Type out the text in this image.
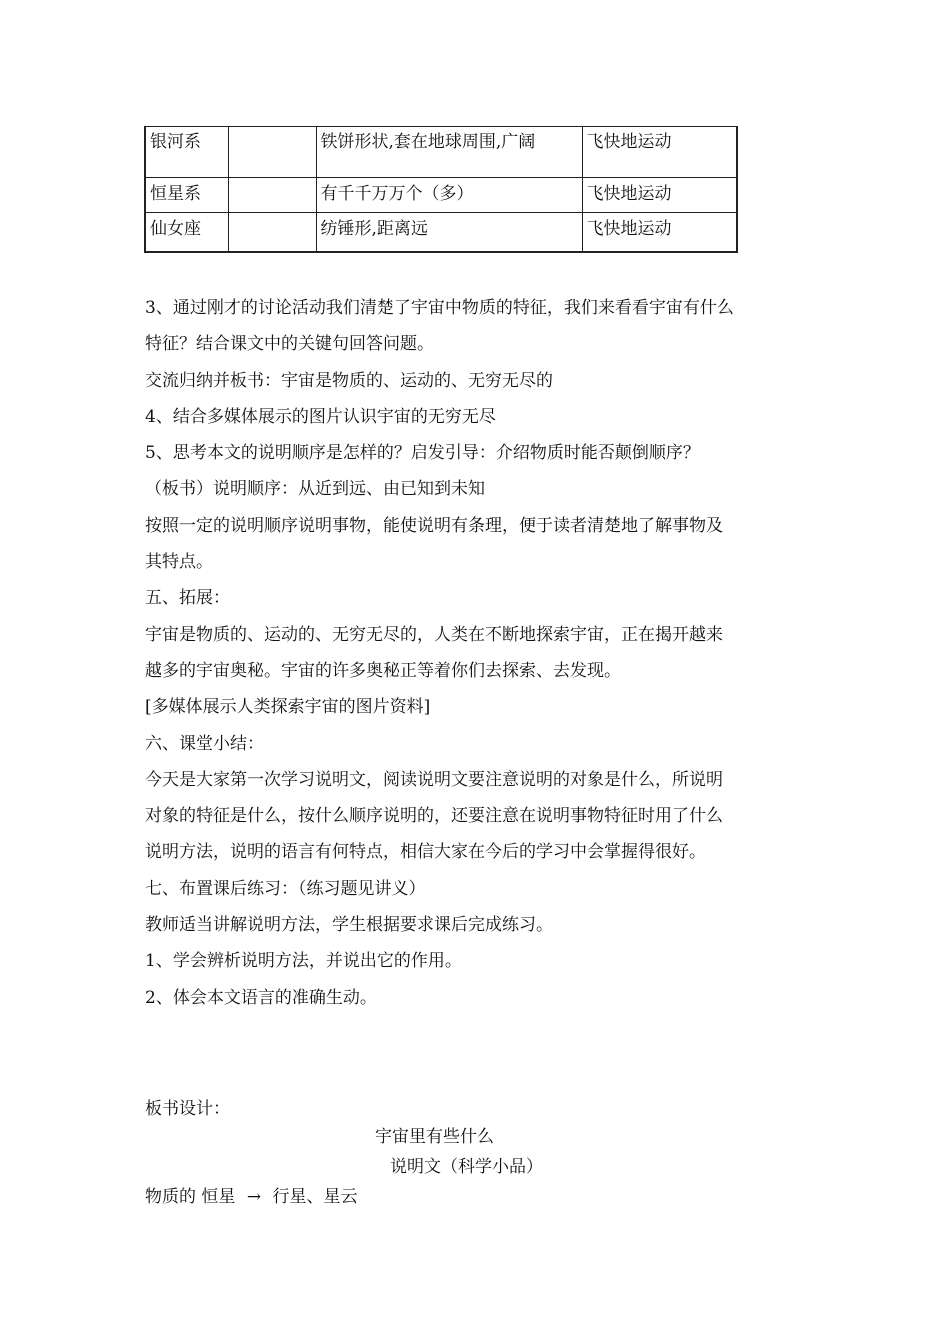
银河系		铁饼形状,套在地球周围,广阔	飞快地运动
恒星系		有千千万万个（多）	飞快地运动
仙女座		纺锤形,距离远	飞快地运动

3、通过刚才的讨论活动我们清楚了宇宙中物质的特征，我们来看看宇宙有什么

特征？结合课文中的关键句回答问题。

交流归纳并板书：宇宙是物质的、运动的、无穷无尽的

4、结合多媒体展示的图片认识宇宙的无穷无尽

5、思考本文的说明顺序是怎样的？启发引导：介绍物质时能否颠倒顺序？

（板书）说明顺序：从近到远、由已知到未知

按照一定的说明顺序说明事物，能使说明有条理，便于读者清楚地了解事物及

其特点。

五、拓展：

宇宙是物质的、运动的、无穷无尽的，人类在不断地探索宇宙，正在揭开越来

越多的宇宙奥秘。宇宙的许多奥秘正等着你们去探索、去发现。

[多媒体展示人类探索宇宙的图片资料]

六、课堂小结：

今天是大家第一次学习说明文，阅读说明文要注意说明的对象是什么，所说明

对象的特征是什么，按什么顺序说明的，还要注意在说明事物特征时用了什么

说明方法，说明的语言有何特点，相信大家在今后的学习中会掌握得很好。

七、布置课后练习：（练习题见讲义）

教师适当讲解说明方法，学生根据要求课后完成练习。

1、学会辨析说明方法，并说出它的作用。

2、体会本文语言的准确生动。

板书设计：
宇宙里有些什么
说明文（科学小品）
物质的 恒星 → 行星、星云
